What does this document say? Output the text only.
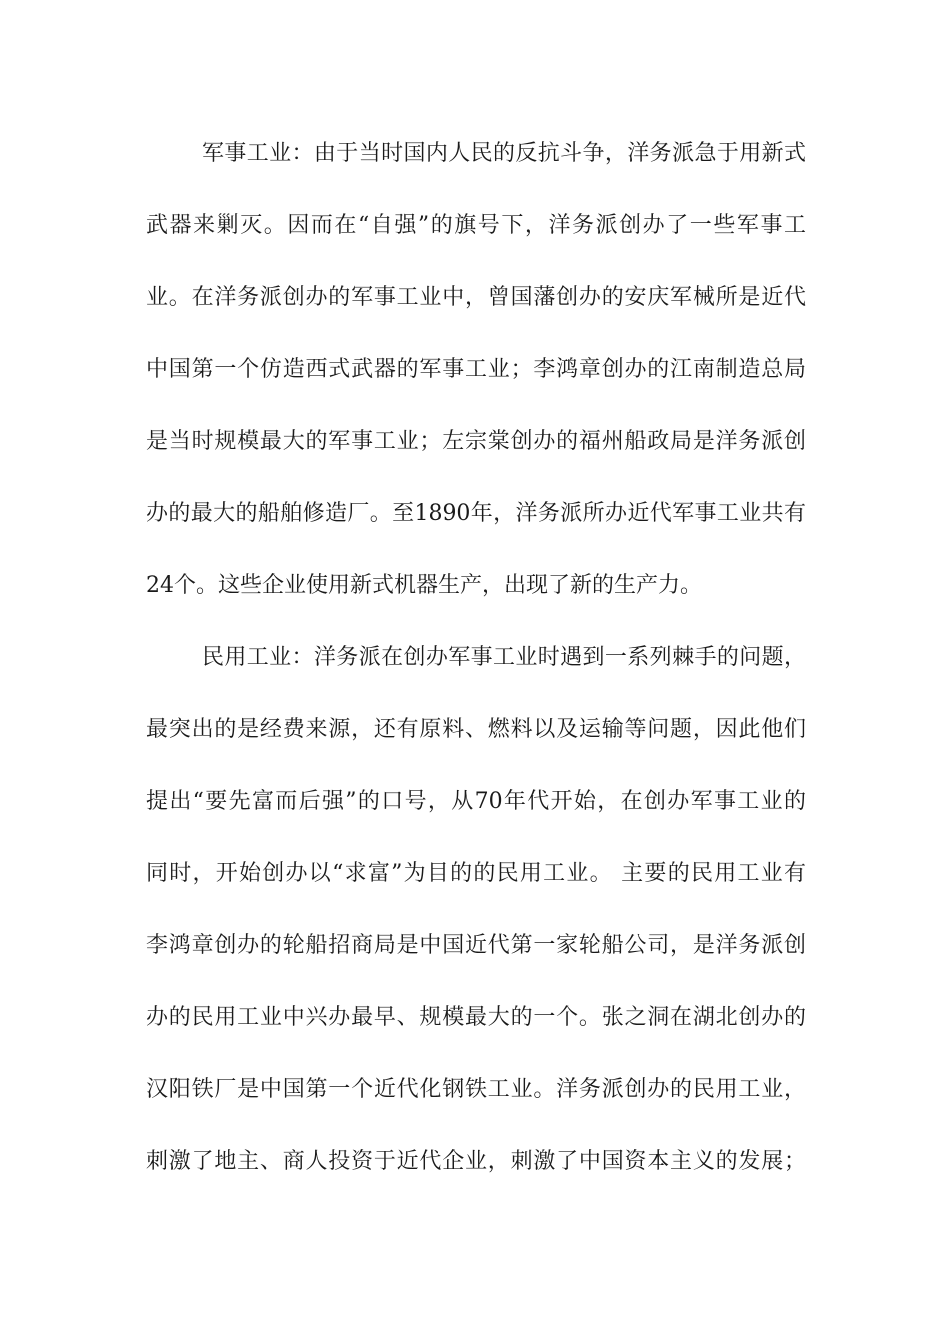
军事工业：由于当时国内人民的反抗斗争，洋务派急于用新式
武器来剿灭。因而在“自强”的旗号下，洋务派创办了一些军事工
业。在洋务派创办的军事工业中，曾国藩创办的安庆军械所是近代
中国第一个仿造西式武器的军事工业；李鸿章创办的江南制造总局
是当时规模最大的军事工业；左宗棠创办的福州船政局是洋务派创
办的最大的船舶修造厂。至1890年，洋务派所办近代军事工业共有
24个。这些企业使用新式机器生产，出现了新的生产力。
民用工业：洋务派在创办军事工业时遇到一系列棘手的问题，
最突出的是经费来源，还有原料、燃料以及运输等问题，因此他们
提出“要先富而后强”的口号，从70年代开始，在创办军事工业的
同时，开始创办以“求富”为目的的民用工业。 主要的民用工业有
李鸿章创办的轮船招商局是中国近代第一家轮船公司，是洋务派创
办的民用工业中兴办最早、规模最大的一个。张之洞在湖北创办的
汉阳铁厂是中国第一个近代化钢铁工业。洋务派创办的民用工业，
刺激了地主、商人投资于近代企业，刺激了中国资本主义的发展；
